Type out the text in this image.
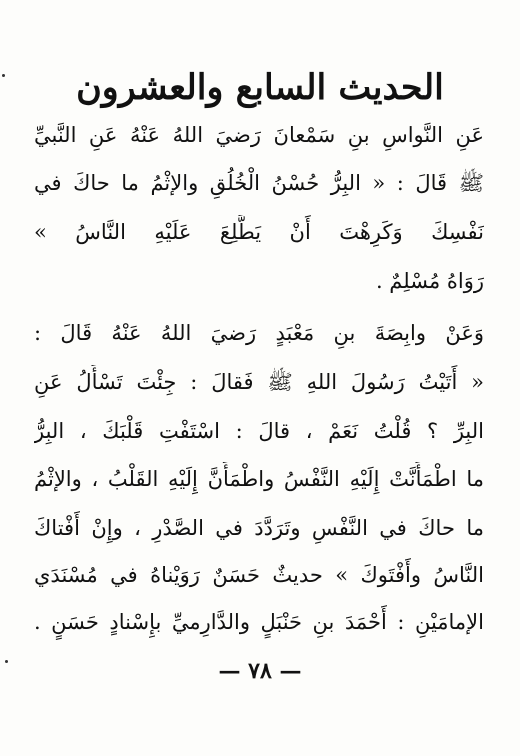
الحديث السابع والعشرون
عَنِ النَّواسِ بنِ سَمْعانَ رَضيَ اللهُ عَنْهُ عَنِ النَّبيِّ
ﷺ قَالَ : « البِرُّ حُسْنُ الْخُلُقِ والإثْمُ ما حاكَ في
نَفْسِكَ وَكَرِهْتَ أَنْ يَطَّلِعَ عَلَيْهِ النَّاسُ »
رَوَاهُ مُسْلِمٌ .
وَعَنْ وابِصَةَ بنِ مَعْبَدٍ رَضيَ اللهُ عَنْهُ قَالَ :
« أَتَيْتُ رَسُولَ اللهِ ﷺ فَقالَ : جِئْتَ تَسْأَلُ عَنِ
البِرِّ ؟ قُلْتُ نَعَمْ ، قالَ : اسْتَفْتِ قَلْبَكَ ، البِرُّ
ما اطْمَأَنَّتْ إِلَيْهِ النَّفْسُ واطْمَأَنَّ إِلَيْهِ القَلْبُ ، والإثْمُ
ما حاكَ في النَّفْسِ وتَرَدَّدَ في الصَّدْرِ ، وإِنْ أَفْتاكَ
النَّاسُ وأَفْتَوكَ » حديثٌ حَسَنٌ رَوَيْناهُ في مُسْنَدَي
الإمامَيْنِ : أَحْمَدَ بنِ حَنْبَلٍ والدَّارِميِّ بإِسْنادٍ حَسَنٍ .
— ٧٨ —
